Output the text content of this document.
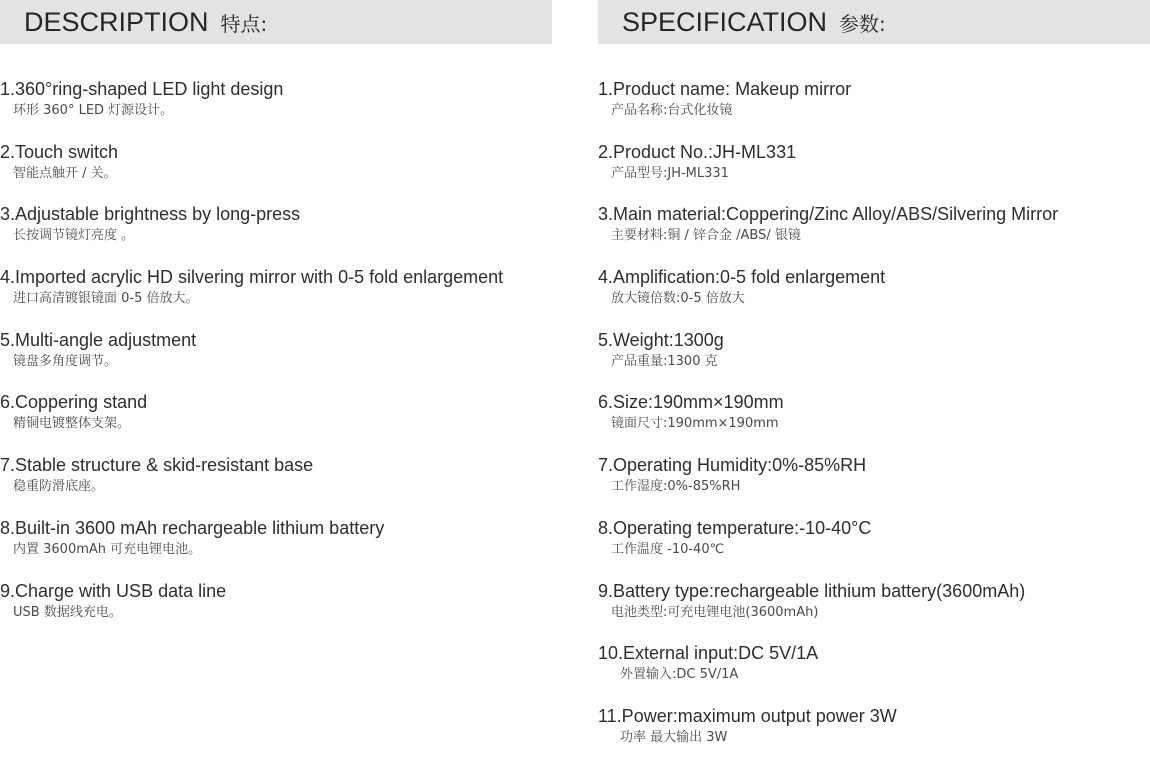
DESCRIPTION 特点:	SPECIFICATION 参数:
1.360°ring-shaped LED light design
环形 360° LED 灯源设计。
2.Touch switch
智能点触开 / 关。
3.Adjustable brightness by long-press
长按调节镜灯亮度 。
4.Imported acrylic HD silvering mirror with 0-5 fold enlargement
进口高清镀银镜面 0-5 倍放大。
5.Multi-angle adjustment
镜盘多角度调节。
6.Coppering stand
精铜电镀整体支架。
7.Stable structure & skid-resistant base
稳重防滑底座。
8.Built-in 3600 mAh rechargeable lithium battery
内置 3600mAh 可充电锂电池。
9.Charge with USB data line
USB 数据线充电。
1.Product name: Makeup mirror
产品名称:台式化妆镜
2.Product No.:JH-ML331
产品型号:JH-ML331
3.Main material:Coppering/Zinc Alloy/ABS/Silvering Mirror
主要材料:铜 / 锌合金 /ABS/ 银镜
4.Amplification:0-5 fold enlargement
放大镜倍数:0-5 倍放大
5.Weight:1300g
产品重量:1300 克
6.Size:190mm×190mm
镜面尺寸:190mm×190mm
7.Operating Humidity:0%-85%RH
工作湿度:0%-85%RH
8.Operating temperature:-10-40°C
工作温度 -10-40℃
9.Battery type:rechargeable lithium battery(3600mAh)
电池类型:可充电锂电池(3600mAh)
10.External input:DC 5V/1A
外置输入:DC 5V/1A
11.Power:maximum output power 3W
功率 最大输出 3W
